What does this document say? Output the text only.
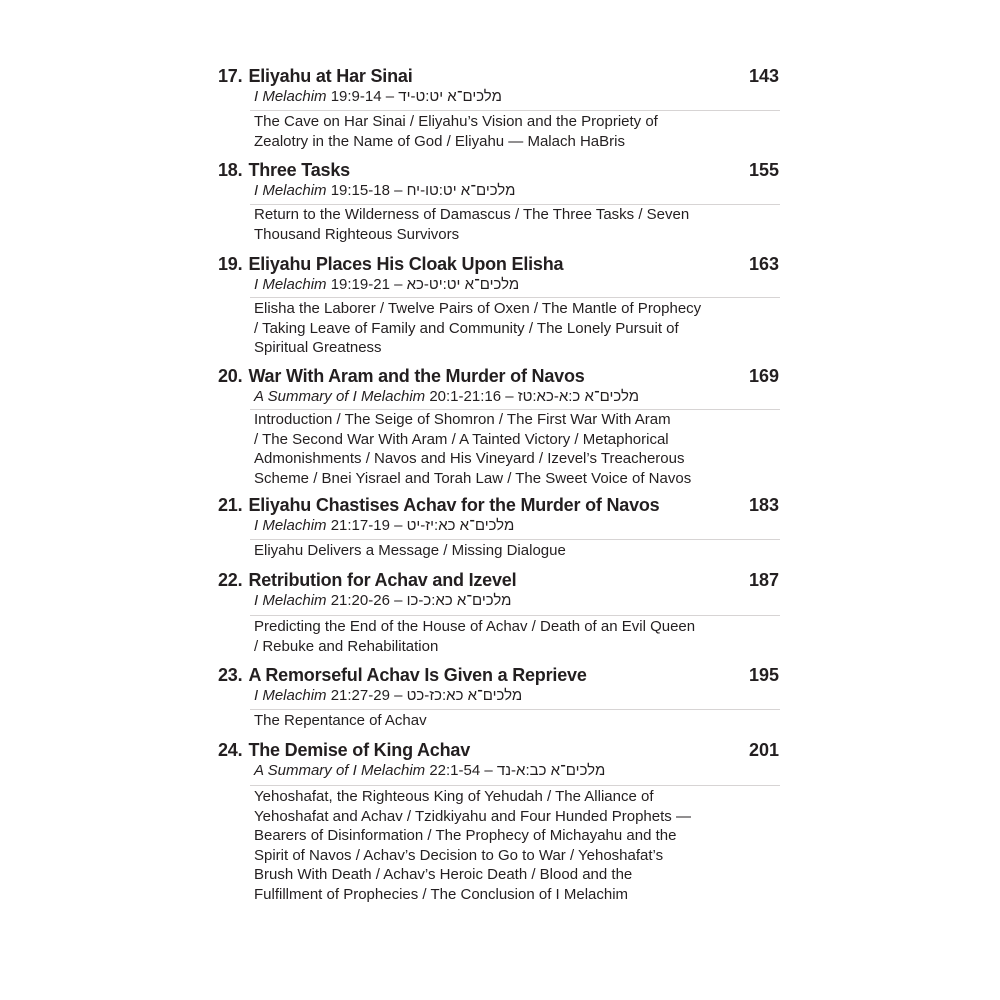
17. Eliyahu at Har Sinai	143
I Melachim 19:9-14 – מלכים־א יט:ט-יד
The Cave on Har Sinai / Eliyahu’s Vision and the Propriety of
Zealotry in the Name of God / Eliyahu — Malach HaBris
18. Three Tasks	155
I Melachim 19:15-18 – מלכים־א יט:טו-יח
Return to the Wilderness of Damascus / The Three Tasks / Seven
Thousand Righteous Survivors
19. Eliyahu Places His Cloak Upon Elisha	163
I Melachim 19:19-21 – מלכים־א יט:יט-כא
Elisha the Laborer / Twelve Pairs of Oxen / The Mantle of Prophecy
/ Taking Leave of Family and Community / The Lonely Pursuit of
Spiritual Greatness
20. War With Aram and the Murder of Navos	169
A Summary of I Melachim 20:1-21:16 – מלכים־א כ:א-כא:טז
Introduction / The Seige of Shomron / The First War With Aram
/ The Second War With Aram / A Tainted Victory / Metaphorical
Admonishments / Navos and His Vineyard / Izevel’s Treacherous
Scheme / Bnei Yisrael and Torah Law / The Sweet Voice of Navos
21. Eliyahu Chastises Achav for the Murder of Navos	183
I Melachim 21:17-19 – מלכים־א כא:יז-יט
Eliyahu Delivers a Message / Missing Dialogue
22. Retribution for Achav and Izevel	187
I Melachim 21:20-26 – מלכים־א כא:כ-כו
Predicting the End of the House of Achav / Death of an Evil Queen
/ Rebuke and Rehabilitation
23. A Remorseful Achav Is Given a Reprieve	195
I Melachim 21:27-29 – מלכים־א כא:כז-כט
The Repentance of Achav
24. The Demise of King Achav	201
A Summary of I Melachim 22:1-54 – מלכים־א כב:א-נד
Yehoshafat, the Righteous King of Yehudah / The Alliance of
Yehoshafat and Achav / Tzidkiyahu and Four Hunded Prophets —
Bearers of Disinformation / The Prophecy of Michayahu and the
Spirit of Navos / Achav’s Decision to Go to War / Yehoshafat’s
Brush With Death / Achav’s Heroic Death / Blood and the
Fulfillment of Prophecies / The Conclusion of I Melachim
